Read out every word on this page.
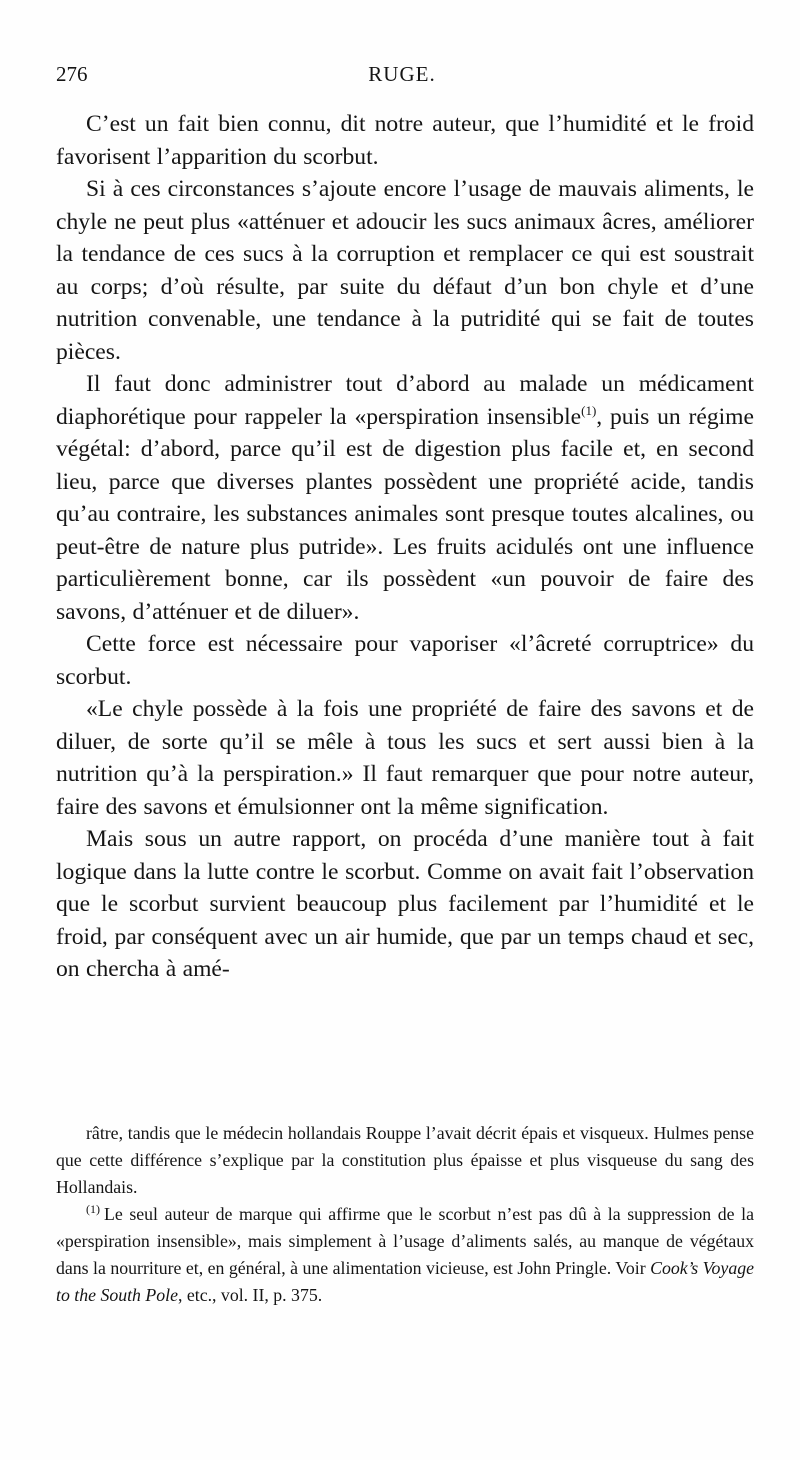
276	RUGE.

C’est un fait bien connu, dit notre auteur, que l’humidité et le froid favorisent l’apparition du scorbut.

Si à ces circonstances s’ajoute encore l’usage de mauvais aliments, le chyle ne peut plus «atténuer et adoucir les sucs animaux âcres, améliorer la tendance de ces sucs à la corruption et remplacer ce qui est soustrait au corps; d’où résulte, par suite du défaut d’un bon chyle et d’une nutrition convenable, une tendance à la putridité qui se fait de toutes pièces.

Il faut donc administrer tout d’abord au malade un médicament diaphorétique pour rappeler la «perspiration insensible$^{(1)}$, puis un régime végétal: d’abord, parce qu’il est de digestion plus facile et, en second lieu, parce que diverses plantes possèdent une propriété acide, tandis qu’au contraire, les substances animales sont presque toutes alcalines, ou peut-être de nature plus putride». Les fruits acidulés ont une influence particulièrement bonne, car ils possèdent «un pouvoir de faire des savons, d’atténuer et de diluer».

Cette force est nécessaire pour vaporiser «l’âcreté corruptrice» du scorbut.

«Le chyle possède à la fois une propriété de faire des savons et de diluer, de sorte qu’il se mêle à tous les sucs et sert aussi bien à la nutrition qu’à la perspiration.» Il faut remarquer que pour notre auteur, faire des savons et émulsionner ont la même signification.

Mais sous un autre rapport, on procéda d’une manière tout à fait logique dans la lutte contre le scorbut. Comme on avait fait l’observation que le scorbut survient beaucoup plus facilement par l’humidité et le froid, par conséquent avec un air humide, que par un temps chaud et sec, on chercha à amé-

râtre, tandis que le médecin hollandais Rouppe l’avait décrit épais et visqueux. Hulmes pense que cette différence s’explique par la constitution plus épaisse et plus visqueuse du sang des Hollandais.

$^{(1)}$ Le seul auteur de marque qui affirme que le scorbut n’est pas dû à la suppression de la «perspiration insensible», mais simplement à l’usage d’aliments salés, au manque de végétaux dans la nourriture et, en général, à une alimentation vicieuse, est John Pringle. Voir Cook’s Voyage to the South Pole, etc., vol. II, p. 375.
